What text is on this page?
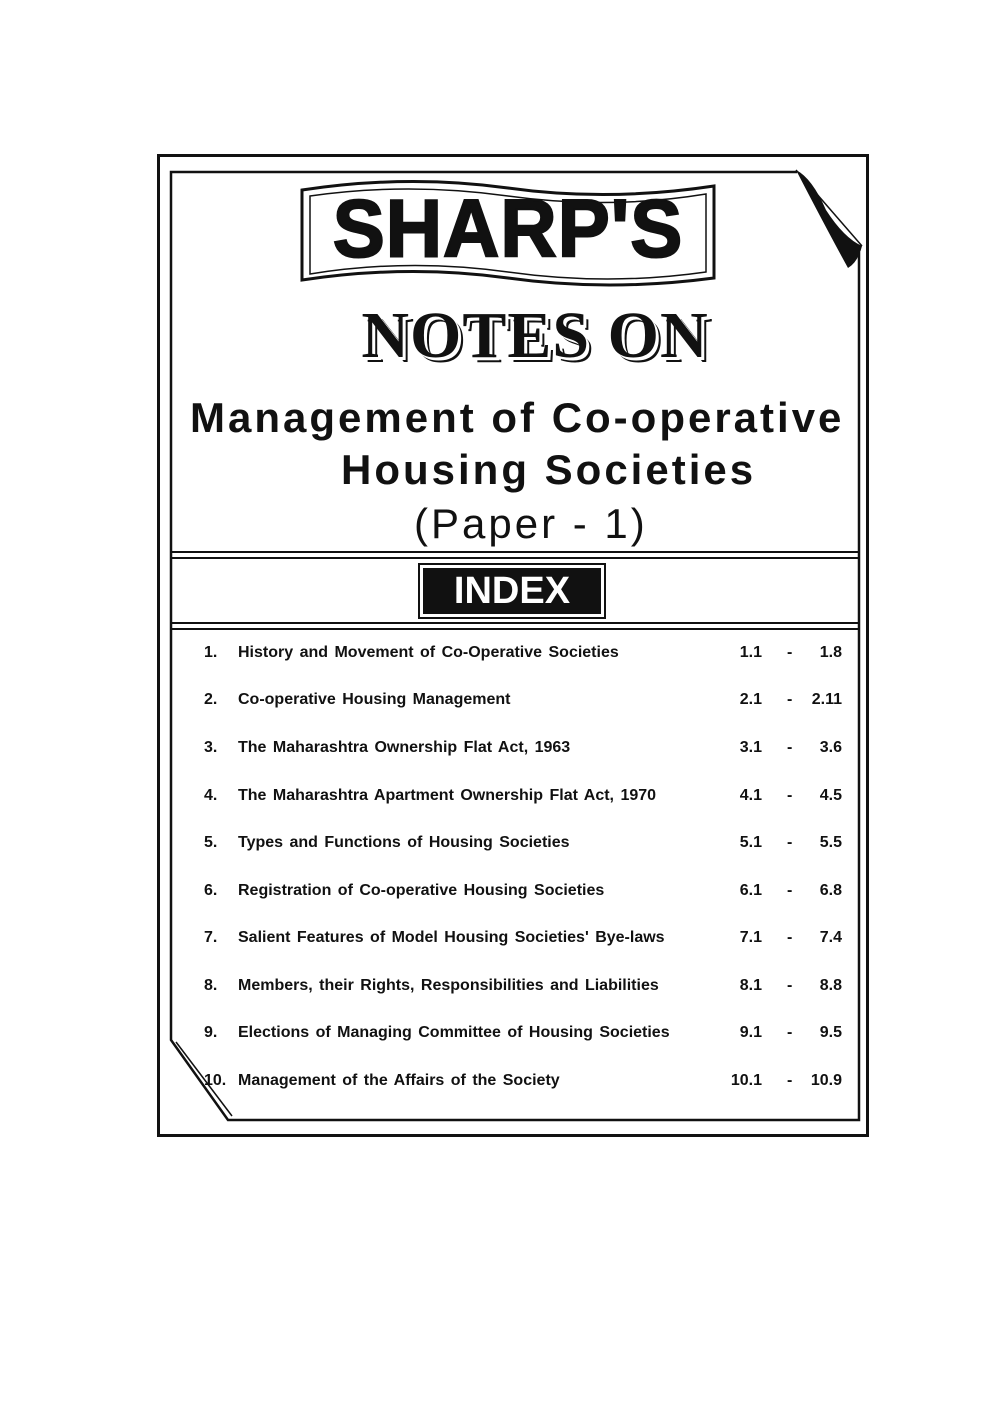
SHARP'S
NOTES ON
Management of Co-operative
Housing Societies
(Paper - 1)
INDEX
1. History and Movement of Co-Operative Societies	1.1 - 1.8
2. Co-operative Housing Management	2.1 - 2.11
3. The Maharashtra Ownership Flat Act, 1963	3.1 - 3.6
4. The Maharashtra Apartment Ownership Flat Act, 1970	4.1 - 4.5
5. Types and Functions of Housing Societies	5.1 - 5.5
6. Registration of Co-operative Housing Societies	6.1 - 6.8
7. Salient Features of Model Housing Societies' Bye-laws	7.1 - 7.4
8. Members, their Rights, Responsibilities and Liabilities	8.1 - 8.8
9. Elections of Managing Committee of Housing Societies	9.1 - 9.5
10. Management of the Affairs of the Society	10.1 - 10.9
